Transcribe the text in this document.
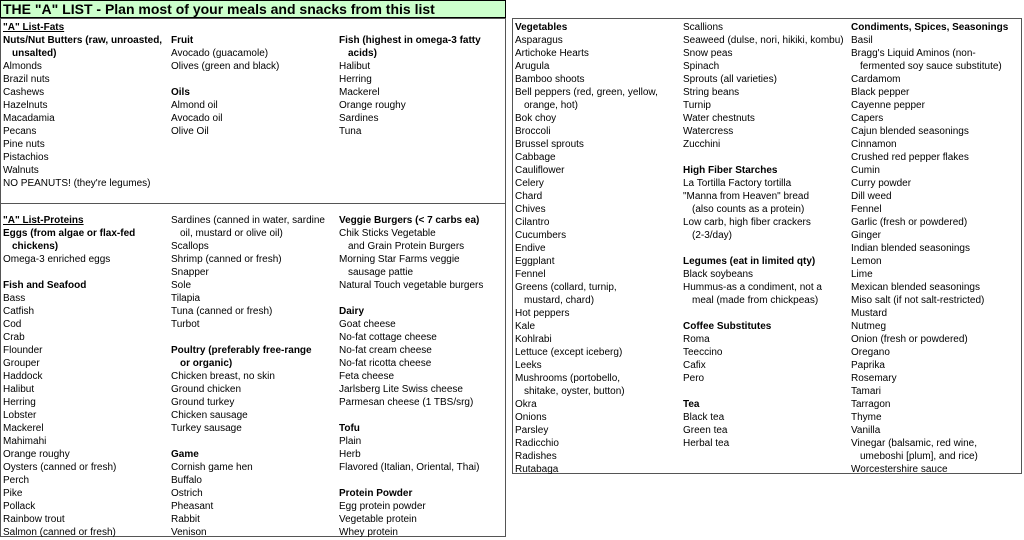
THE "A" LIST - Plan most of your meals and snacks from this list
"A" List-Fats
Nuts/Nut Butters (raw, unroasted,
unsalted)
Almonds
Brazil nuts
Cashews
Hazelnuts
Macadamia
Pecans
Pine nuts
Pistachios
Walnuts
NO PEANUTS! (they're legumes)
Fruit
Avocado (guacamole)
Olives (green and black)
Oils
Almond oil
Avocado oil
Olive Oil
Fish (highest in omega-3 fatty
acids)
Halibut
Herring
Mackerel
Orange roughy
Sardines
Tuna
"A" List-Proteins
Eggs (from algae or flax-fed
chickens)
Omega-3 enriched eggs
Fish and Seafood
Bass
Catfish
Cod
Crab
Flounder
Grouper
Haddock
Halibut
Herring
Lobster
Mackerel
Mahimahi
Orange roughy
Oysters (canned or fresh)
Perch
Pike
Pollack
Rainbow trout
Salmon (canned or fresh)
Sardines (canned in water, sardine
oil, mustard or olive oil)
Scallops
Shrimp (canned or fresh)
Snapper
Sole
Tilapia
Tuna (canned or fresh)
Turbot
Poultry (preferably free-range
or organic)
Chicken breast, no skin
Ground chicken
Ground turkey
Chicken sausage
Turkey sausage
Game
Cornish game hen
Buffalo
Ostrich
Pheasant
Rabbit
Venison
Veggie Burgers (< 7 carbs ea)
Chik Sticks Vegetable
and Grain Protein Burgers
Morning Star Farms veggie
sausage pattie
Natural Touch vegetable burgers
Dairy
Goat cheese
No-fat cottage cheese
No-fat cream cheese
No-fat ricotta cheese
Feta cheese
Jarlsberg Lite Swiss cheese
Parmesan cheese (1 TBS/srg)
Tofu
Plain
Herb
Flavored (Italian, Oriental, Thai)
Protein Powder
Egg protein powder
Vegetable protein
Whey protein
Vegetables
Asparagus
Artichoke Hearts
Arugula
Bamboo shoots
Bell peppers (red, green, yellow,
orange, hot)
Bok choy
Broccoli
Brussel sprouts
Cabbage
Cauliflower
Celery
Chard
Chives
Cilantro
Cucumbers
Endive
Eggplant
Fennel
Greens (collard, turnip,
mustard, chard)
Hot peppers
Kale
Kohlrabi
Lettuce (except iceberg)
Leeks
Mushrooms (portobello,
shitake, oyster, button)
Okra
Onions
Parsley
Radicchio
Radishes
Rutabaga
Scallions
Seaweed (dulse, nori, hikiki, kombu)
Snow peas
Spinach
Sprouts (all varieties)
String beans
Turnip
Water chestnuts
Watercress
Zucchini
High Fiber Starches
La Tortilla Factory tortilla
"Manna from Heaven" bread
(also counts as a protein)
Low carb, high fiber crackers
(2-3/day)
Legumes (eat in limited qty)
Black soybeans
Hummus-as a condiment, not a
meal (made from chickpeas)
Coffee Substitutes
Roma
Teeccino
Cafix
Pero
Tea
Black tea
Green tea
Herbal tea
Condiments, Spices, Seasonings
Basil
Bragg's Liquid Aminos (non-
fermented soy sauce substitute)
Cardamom
Black pepper
Cayenne pepper
Capers
Cajun blended seasonings
Cinnamon
Crushed red pepper flakes
Cumin
Curry powder
Dill weed
Fennel
Garlic (fresh or powdered)
Ginger
Indian blended seasonings
Lemon
Lime
Mexican blended seasonings
Miso salt (if not salt-restricted)
Mustard
Nutmeg
Onion (fresh or powdered)
Oregano
Paprika
Rosemary
Tamari
Tarragon
Thyme
Vanilla
Vinegar (balsamic, red wine,
umeboshi [plum], and rice)
Worcestershire sauce
